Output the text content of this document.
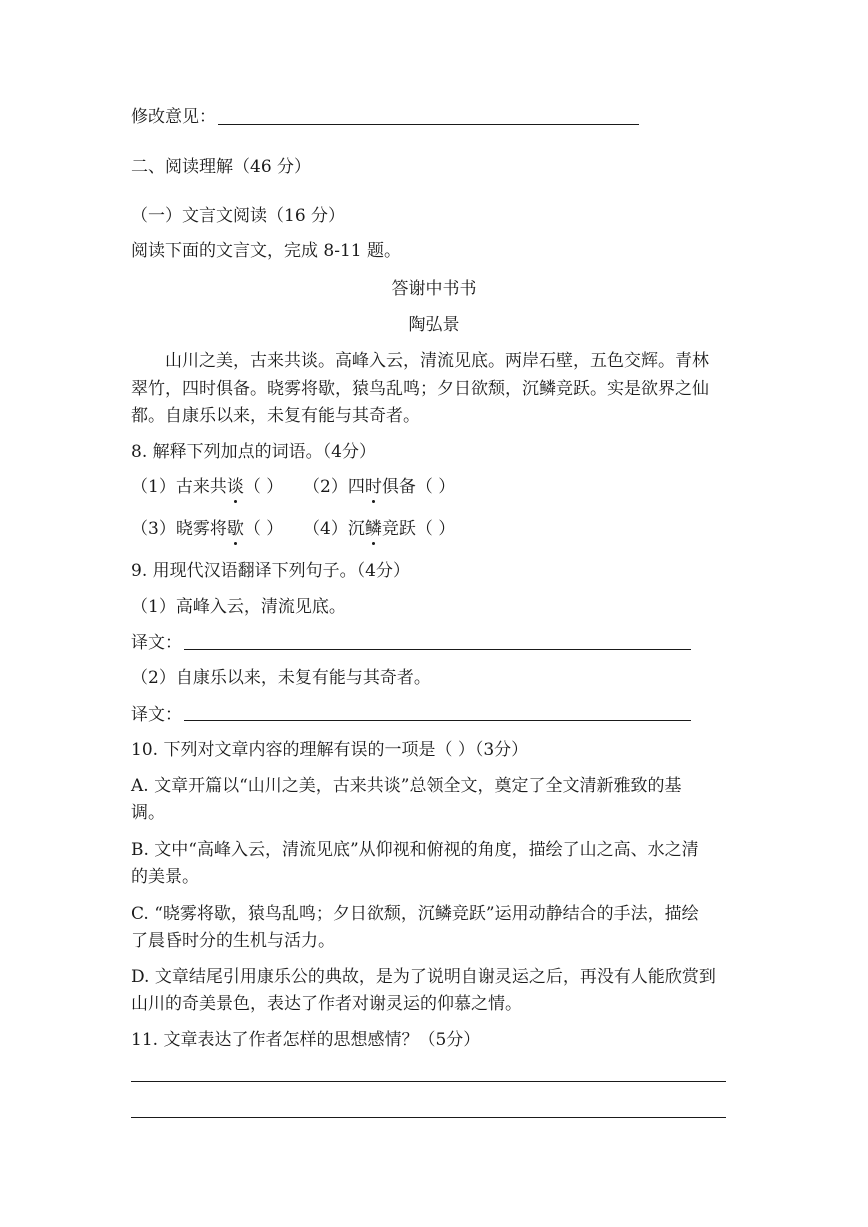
修改意见：
二、阅读理解（46 分）
（一）文言文阅读（16 分）
阅读下面的文言文，完成 8-11 题。
答谢中书书
陶弘景
山川之美，古来共谈。高峰入云，清流见底。两岸石壁，五色交辉。青林
翠竹，四时俱备。晓雾将歇，猿鸟乱鸣；夕日欲颓，沉鳞竞跃。实是欲界之仙
都。自康乐以来，未复有能与其奇者。
8. 解释下列加点的词语。（4分）
（1）古来共谈（ ） （2）四时俱备（ ）
（3）晓雾将歇（ ） （4）沉鳞竞跃（ ）
9. 用现代汉语翻译下列句子。（4分）
（1）高峰入云，清流见底。
译文：
（2）自康乐以来，未复有能与其奇者。
译文：
10. 下列对文章内容的理解有误的一项是（ ）（3分）
A. 文章开篇以“山川之美，古来共谈”总领全文，奠定了全文清新雅致的基
调。
B. 文中“高峰入云，清流见底”从仰视和俯视的角度，描绘了山之高、水之清
的美景。
C. “晓雾将歇，猿鸟乱鸣；夕日欲颓，沉鳞竞跃”运用动静结合的手法，描绘
了晨昏时分的生机与活力。
D. 文章结尾引用康乐公的典故，是为了说明自谢灵运之后，再没有人能欣赏到
山川的奇美景色，表达了作者对谢灵运的仰慕之情。
11. 文章表达了作者怎样的思想感情？（5分）
